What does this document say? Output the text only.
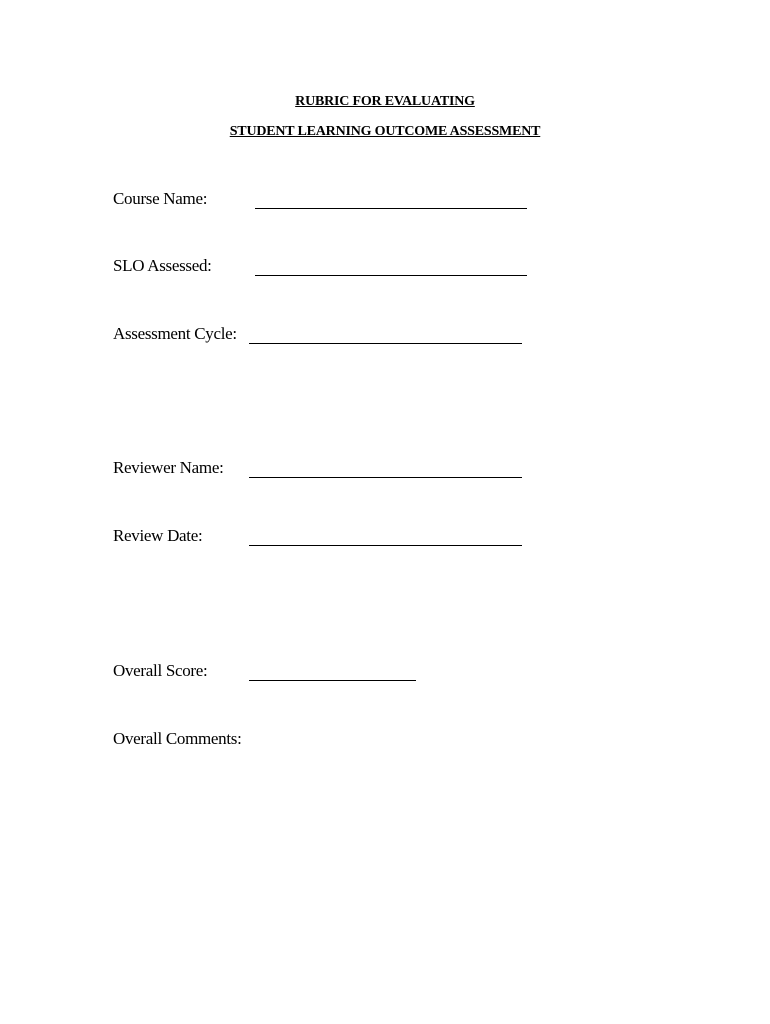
RUBRIC FOR EVALUATING
STUDENT LEARNING OUTCOME ASSESSMENT
Course Name:
SLO Assessed:
Assessment Cycle:
Reviewer Name:
Review Date:
Overall Score:
Overall Comments:
